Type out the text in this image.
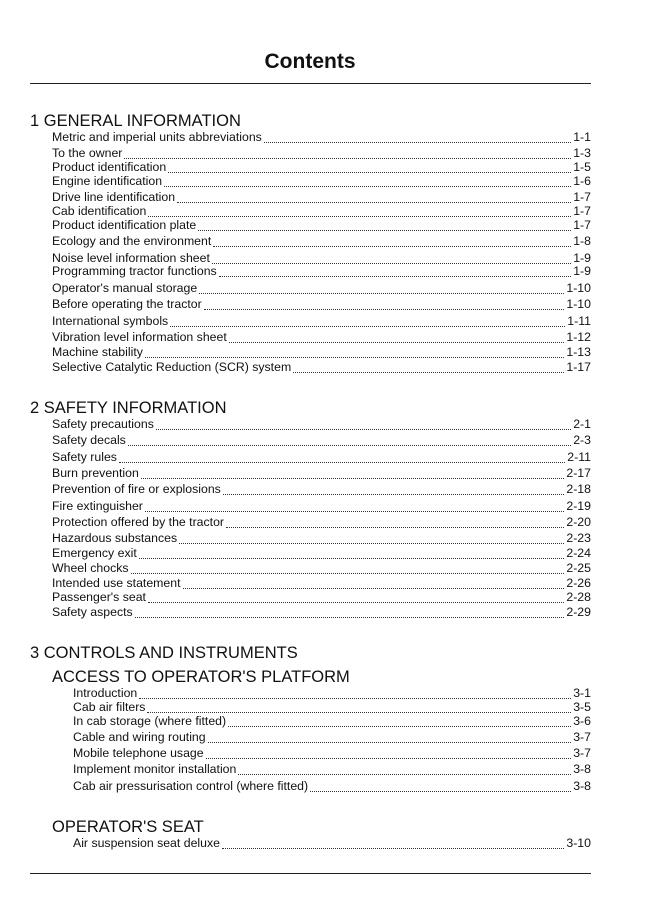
Contents
1 GENERAL INFORMATION
Metric and imperial units abbreviations	1-1
To the owner	1-3
Product identification	1-5
Engine identification	1-6
Drive line identification	1-7
Cab identification	1-7
Product identification plate	1-7
Ecology and the environment	1-8
Noise level information sheet	1-9
Programming tractor functions	1-9
Operator's manual storage	1-10
Before operating the tractor	1-10
International symbols	1-11
Vibration level information sheet	1-12
Machine stability	1-13
Selective Catalytic Reduction (SCR) system	1-17
2 SAFETY INFORMATION
Safety precautions	2-1
Safety decals	2-3
Safety rules	2-11
Burn prevention	2-17
Prevention of fire or explosions	2-18
Fire extinguisher	2-19
Protection offered by the tractor	2-20
Hazardous substances	2-23
Emergency exit	2-24
Wheel chocks	2-25
Intended use statement	2-26
Passenger's seat	2-28
Safety aspects	2-29
3 CONTROLS AND INSTRUMENTS
ACCESS TO OPERATOR'S PLATFORM
Introduction	3-1
Cab air filters	3-5
In cab storage (where fitted)	3-6
Cable and wiring routing	3-7
Mobile telephone usage	3-7
Implement monitor installation	3-8
Cab air pressurisation control (where fitted)	3-8
OPERATOR'S SEAT
Air suspension seat deluxe	3-10
